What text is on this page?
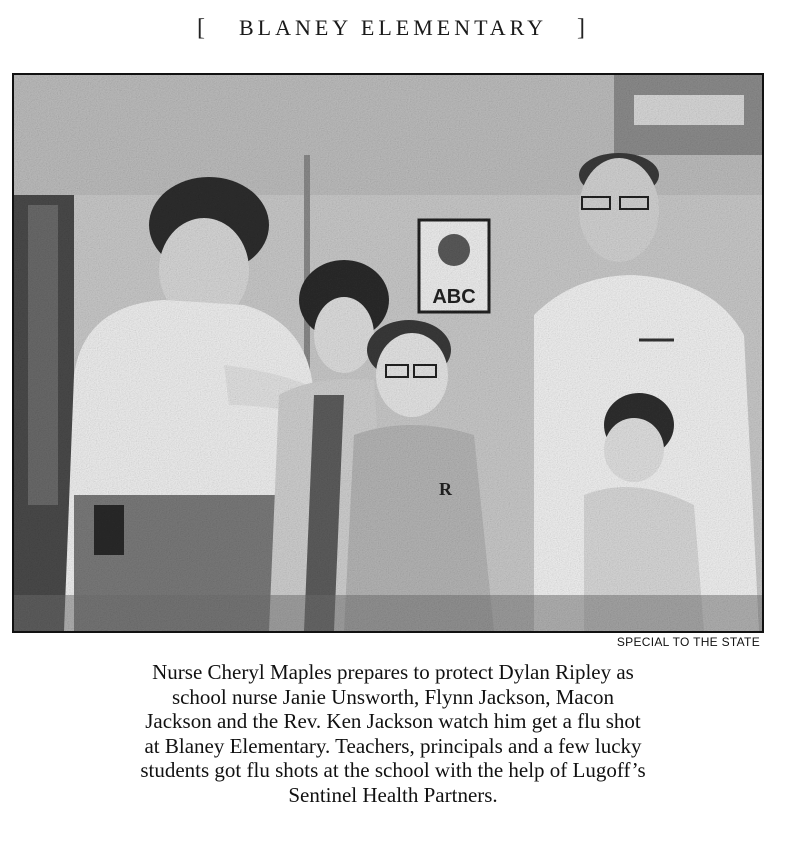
[ BLANEY ELEMENTARY ]
ABC
R
SPECIAL TO THE STATE
Nurse Cheryl Maples prepares to protect Dylan Ripley as
school nurse Janie Unsworth, Flynn Jackson, Macon
Jackson and the Rev. Ken Jackson watch him get a flu shot
at Blaney Elementary. Teachers, principals and a few lucky
students got flu shots at the school with the help of Lugoff’s
Sentinel Health Partners.
